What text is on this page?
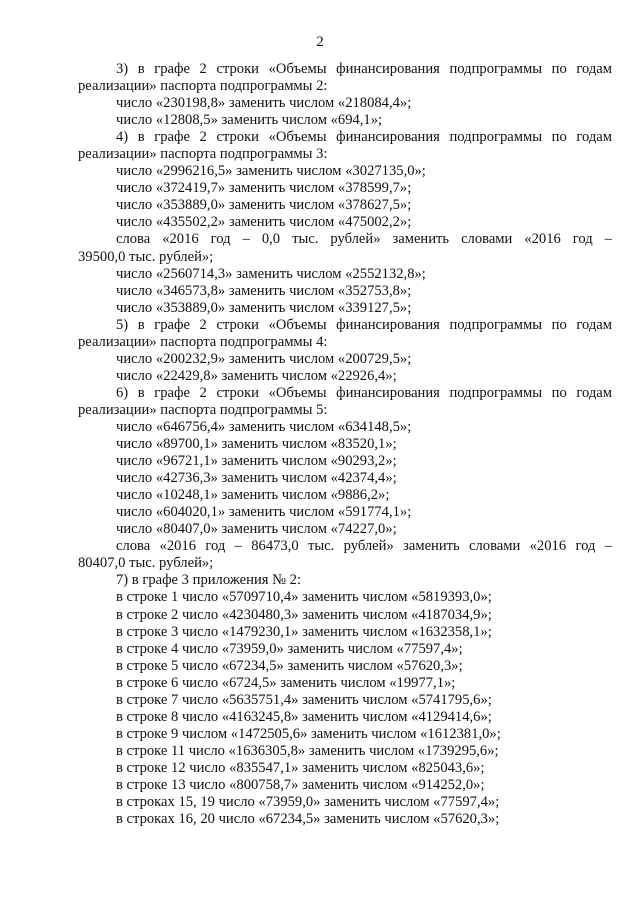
2
3) в графе 2 строки «Объемы финансирования подпрограммы по годам
реализации» паспорта подпрограммы 2:
число «230198,8» заменить числом «218084,4»;
число «12808,5» заменить числом «694,1»;
4) в графе 2 строки «Объемы финансирования подпрограммы по годам
реализации» паспорта подпрограммы 3:
число «2996216,5» заменить числом «3027135,0»;
число «372419,7» заменить числом «378599,7»;
число «353889,0» заменить числом «378627,5»;
число «435502,2» заменить числом «475002,2»;
слова «2016 год – 0,0 тыс. рублей» заменить словами «2016 год –
39500,0 тыс. рублей»;
число «2560714,3» заменить числом «2552132,8»;
число «346573,8» заменить числом «352753,8»;
число «353889,0» заменить числом «339127,5»;
5) в графе 2 строки «Объемы финансирования подпрограммы по годам
реализации» паспорта подпрограммы 4:
число «200232,9» заменить числом «200729,5»;
число «22429,8» заменить числом «22926,4»;
6) в графе 2 строки «Объемы финансирования подпрограммы по годам
реализации» паспорта подпрограммы 5:
число «646756,4» заменить числом «634148,5»;
число «89700,1» заменить числом «83520,1»;
число «96721,1» заменить числом «90293,2»;
число «42736,3» заменить числом «42374,4»;
число «10248,1» заменить числом «9886,2»;
число «604020,1» заменить числом «591774,1»;
число «80407,0» заменить числом «74227,0»;
слова «2016 год – 86473,0 тыс. рублей» заменить словами «2016 год –
80407,0 тыс. рублей»;
7) в графе 3 приложения № 2:
в строке 1 число «5709710,4» заменить числом «5819393,0»;
в строке 2 число «4230480,3» заменить числом «4187034,9»;
в строке 3 число «1479230,1» заменить числом «1632358,1»;
в строке 4 число «73959,0» заменить числом «77597,4»;
в строке 5 число «67234,5» заменить числом «57620,3»;
в строке 6 число «6724,5» заменить числом «19977,1»;
в строке 7 число «5635751,4» заменить числом «5741795,6»;
в строке 8 число «4163245,8» заменить числом «4129414,6»;
в строке 9 числом «1472505,6» заменить числом «1612381,0»;
в строке 11 число «1636305,8» заменить числом «1739295,6»;
в строке 12 число «835547,1» заменить числом «825043,6»;
в строке 13 число «800758,7» заменить числом «914252,0»;
в строках 15, 19 число «73959,0» заменить числом «77597,4»;
в строках 16, 20 число «67234,5» заменить числом «57620,3»;
